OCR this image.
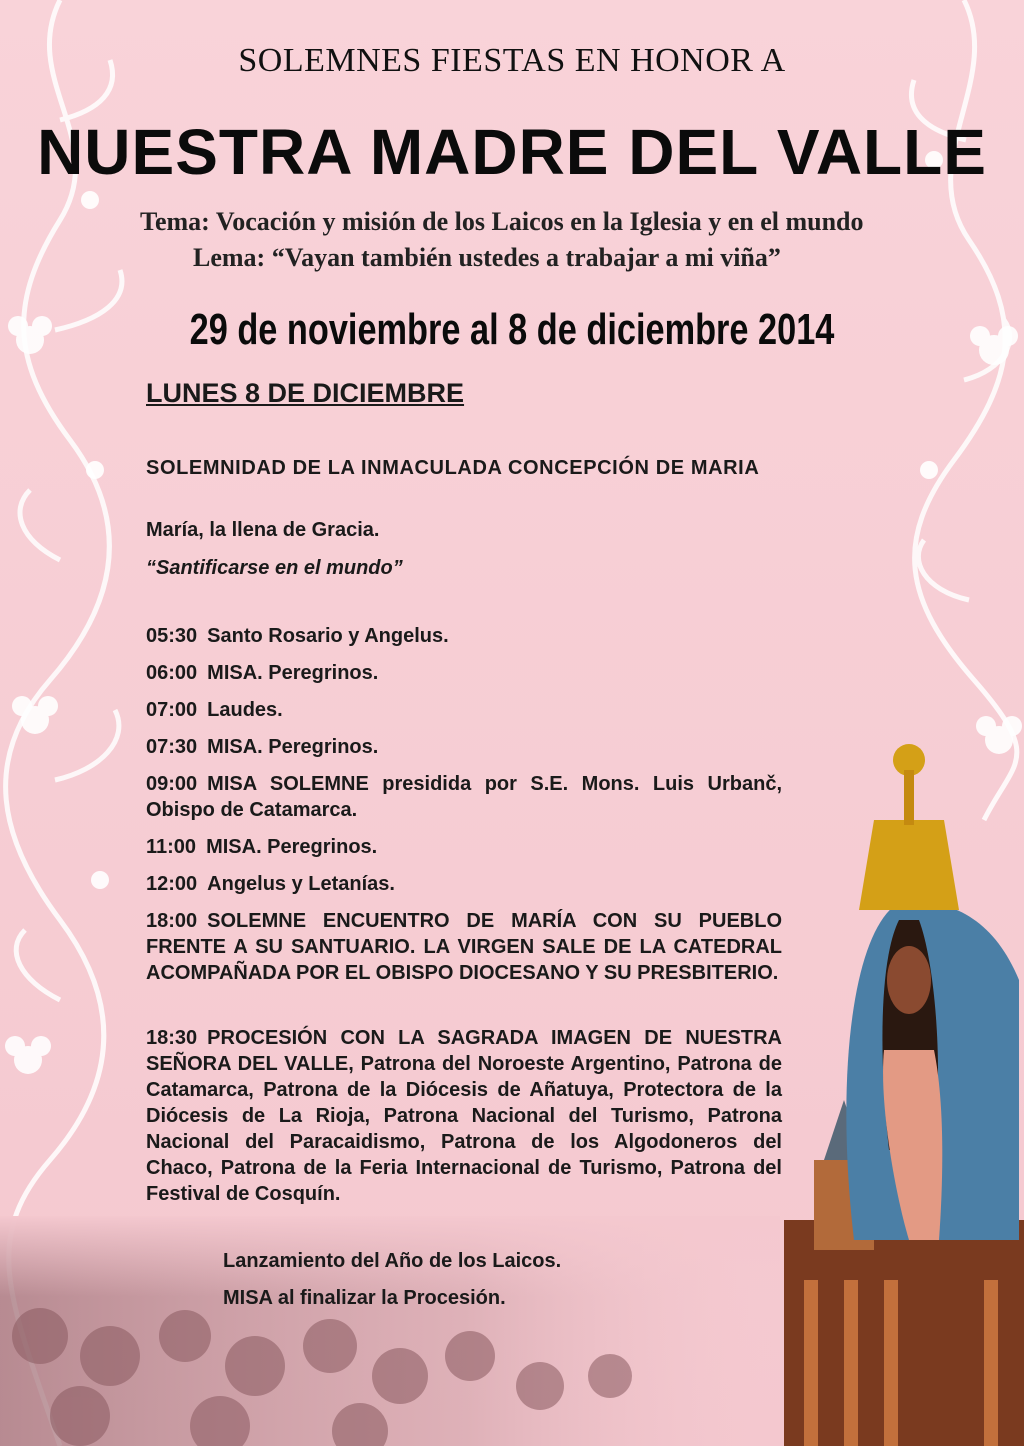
SOLEMNES FIESTAS EN HONOR A
NUESTRA MADRE DEL VALLE
Tema: Vocación y misión de los Laicos en la Iglesia y en el mundo
Lema: “Vayan también ustedes a trabajar a mi viña”
29 de noviembre al 8 de diciembre 2014
LUNES 8 DE DICIEMBRE
SOLEMNIDAD DE LA INMACULADA CONCEPCIÓN DE MARIA
María, la llena de Gracia.
“Santificarse en el mundo”
05:30 Santo Rosario y Angelus.
06:00 MISA. Peregrinos.
07:00 Laudes.
07:30 MISA. Peregrinos.
09:00 MISA SOLEMNE presidida por S.E. Mons. Luis Urbanč, Obispo de Catamarca.
11:00 MISA. Peregrinos.
12:00 Angelus y Letanías.
18:00 SOLEMNE ENCUENTRO DE MARÍA CON SU PUEBLO FRENTE A SU SANTUARIO. LA VIRGEN SALE DE LA CATEDRAL ACOMPAÑADA POR EL OBISPO DIOCESANO Y SU PRESBITERIO.
18:30 PROCESIÓN CON LA SAGRADA IMAGEN DE NUESTRA SEÑORA DEL VALLE, Patrona del Noroeste Argentino, Patrona de Catamarca, Patrona de la Diócesis de Añatuya, Protectora de la Diócesis de La Rioja, Patrona Nacional del Turismo, Patrona Nacional del Paracaidismo, Patrona de los Algodoneros del Chaco, Patrona de la Feria Internacional de Turismo, Patrona del Festival de Cosquín.
Lanzamiento del Año de los Laicos.
MISA al finalizar la Procesión.
